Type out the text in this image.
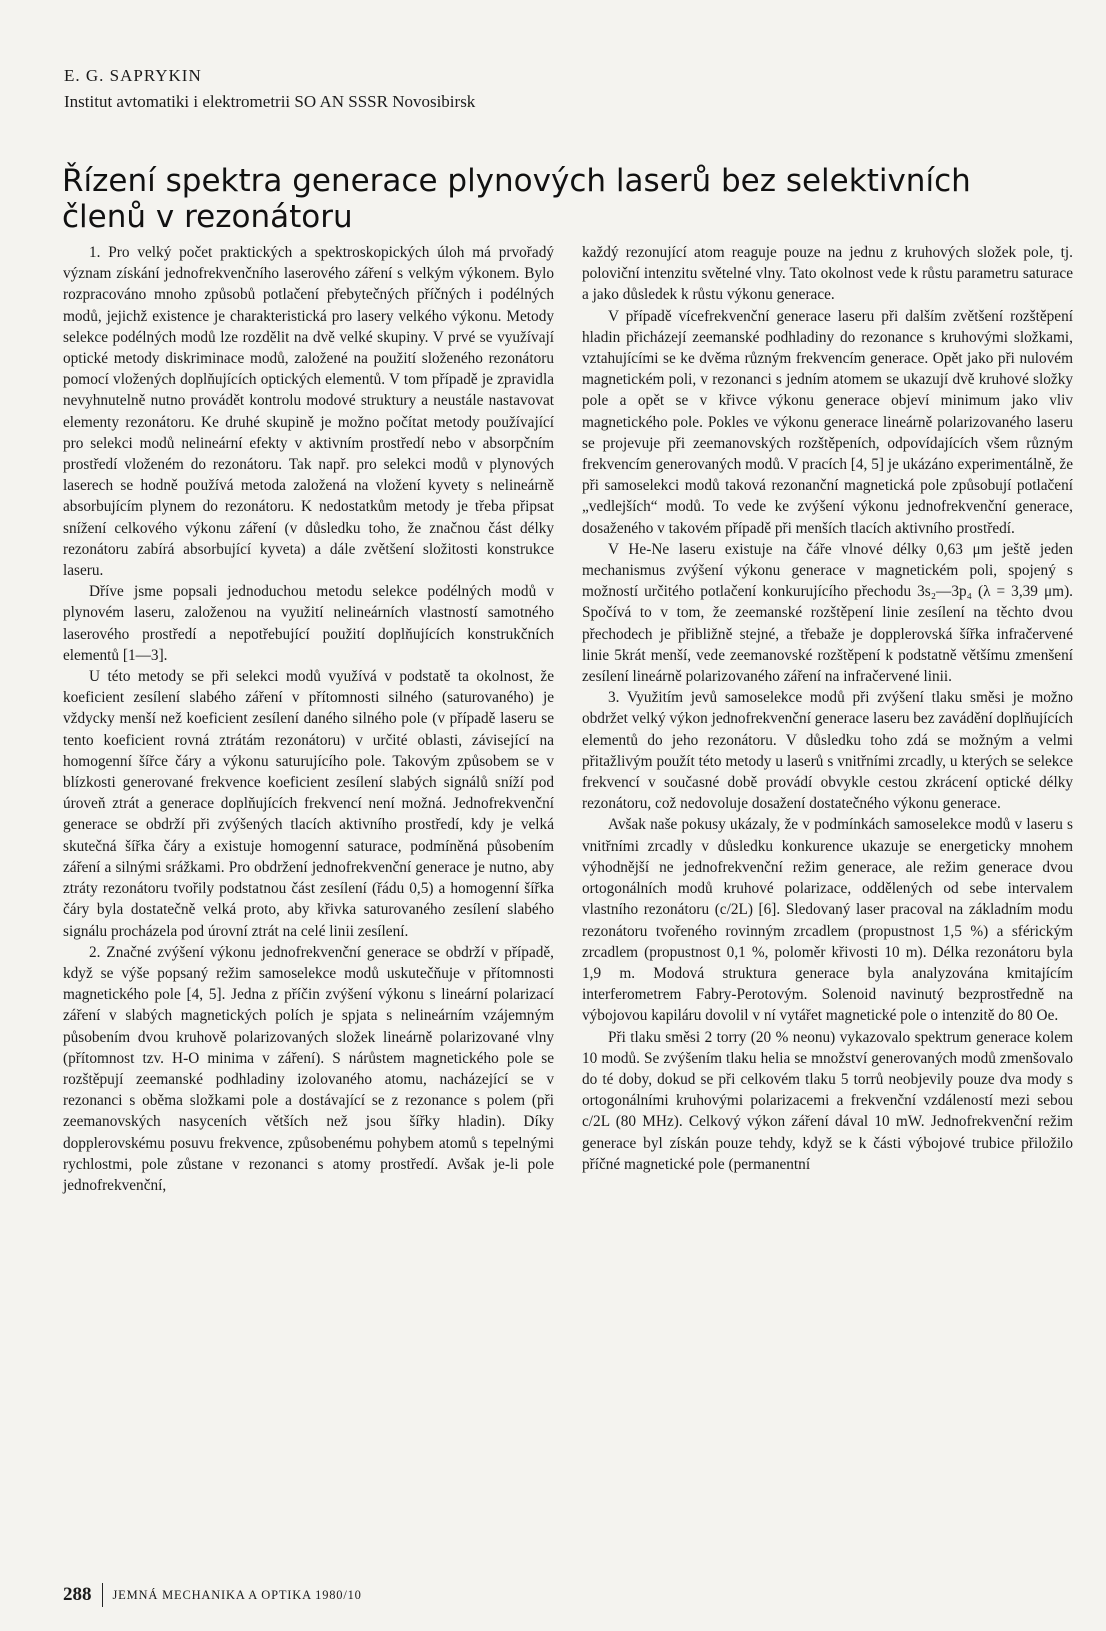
E. G. SAPRYKIN
Institut avtomatiki i elektrometrii SO AN SSSR Novosibirsk
Řízení spektra generace plynových laserů bez selektivních členů v rezonátoru

1. Pro velký počet praktických a spektroskopických úloh má prvořadý význam získání jednofrekvenčního laserového záření s velkým výkonem. Bylo rozpracováno mnoho způsobů potlačení přebytečných příčných i podélných modů, jejichž existence je charakteristická pro lasery velkého výkonu. Metody selekce podélných modů lze rozdělit na dvě velké skupiny. V prvé se využívají optické metody diskriminace modů, založené na použití složeného rezonátoru pomocí vložených doplňujících optických elementů. V tom případě je zpravidla nevyhnutelně nutno provádět kontrolu modové struktury a neustále nastavovat elementy rezonátoru. Ke druhé skupině je možno počítat metody používající pro selekci modů nelineární efekty v aktivním prostředí nebo v absorpčním prostředí vloženém do rezonátoru. Tak např. pro selekci modů v plynových laserech se hodně používá metoda založená na vložení kyvety s nelineárně absorbujícím plynem do rezonátoru. K nedostatkům metody je třeba připsat snížení celkového výkonu záření (v důsledku toho, že značnou část délky rezonátoru zabírá absorbující kyveta) a dále zvětšení složitosti konstrukce laseru.

Dříve jsme popsali jednoduchou metodu selekce podélných modů v plynovém laseru, založenou na využití nelineárních vlastností samotného laserového prostředí a nepotřebující použití doplňujících konstrukčních elementů [1—3].

U této metody se při selekci modů využívá v podstatě ta okolnost, že koeficient zesílení slabého záření v přítomnosti silného (saturovaného) je vždycky menší než koeficient zesílení daného silného pole (v případě laseru se tento koeficient rovná ztrátám rezonátoru) v určité oblasti, závisející na homogenní šířce čáry a výkonu saturujícího pole. Takovým způsobem se v blízkosti generované frekvence koeficient zesílení slabých signálů sníží pod úroveň ztrát a generace doplňujících frekvencí není možná. Jednofrekvenční generace se obdrží při zvýšených tlacích aktivního prostředí, kdy je velká skutečná šířka čáry a existuje homogenní saturace, podmíněná působením záření a silnými srážkami. Pro obdržení jednofrekvenční generace je nutno, aby ztráty rezonátoru tvořily podstatnou část zesílení (řádu 0,5) a homogenní šířka čáry byla dostatečně velká proto, aby křivka saturovaného zesílení slabého signálu procházela pod úrovní ztrát na celé linii zesílení.

2. Značné zvýšení výkonu jednofrekvenční generace se obdrží v případě, když se výše popsaný režim samoselekce modů uskutečňuje v přítomnosti magnetického pole [4, 5]. Jedna z příčin zvýšení výkonu s lineární polarizací záření v slabých magnetických polích je spjata s nelineárním vzájemným působením dvou kruhově polarizovaných složek lineárně polarizované vlny (přítomnost tzv. H-O minima v záření). S nárůstem magnetického pole se rozštěpují zeemanské podhladiny izolovaného atomu, nacházející se v rezonanci s oběma složkami pole a dostávající se z rezonance s polem (při zeemanovských nasyceních větších než jsou šířky hladin). Díky dopplerovskému posuvu frekvence, způsobenému pohybem atomů s tepelnými rychlostmi, pole zůstane v rezonanci s atomy prostředí. Avšak je-li pole jednofrekvenční,

každý rezonující atom reaguje pouze na jednu z kruhových složek pole, tj. poloviční intenzitu světelné vlny. Tato okolnost vede k růstu parametru saturace a jako důsledek k růstu výkonu generace.

V případě vícefrekvenční generace laseru při dalším zvětšení rozštěpení hladin přicházejí zeemanské podhladiny do rezonance s kruhovými složkami, vztahujícími se ke dvěma různým frekvencím generace. Opět jako při nulovém magnetickém poli, v rezonanci s jedním atomem se ukazují dvě kruhové složky pole a opět se v křivce výkonu generace objeví minimum jako vliv magnetického pole. Pokles ve výkonu generace lineárně polarizovaného laseru se projevuje při zeemanovských rozštěpeních, odpovídajících všem různým frekvencím generovaných modů. V pracích [4, 5] je ukázáno experimentálně, že při samoselekci modů taková rezonanční magnetická pole způsobují potlačení „vedlejších“ modů. To vede ke zvýšení výkonu jednofrekvenční generace, dosaženého v takovém případě při menších tlacích aktivního prostředí.

V He-Ne laseru existuje na čáře vlnové délky 0,63 μm ještě jeden mechanismus zvýšení výkonu generace v magnetickém poli, spojený s možností určitého potlačení konkurujícího přechodu 3s₂—3p₄ (λ = 3,39 μm). Spočívá to v tom, že zeemanské rozštěpení linie zesílení na těchto dvou přechodech je přibližně stejné, a třebaže je dopplerovská šířka infračervené linie 5krát menší, vede zeemanovské rozštěpení k podstatně většímu zmenšení zesílení lineárně polarizovaného záření na infračervené linii.

3. Využitím jevů samoselekce modů při zvýšení tlaku směsi je možno obdržet velký výkon jednofrekvenční generace laseru bez zavádění doplňujících elementů do jeho rezonátoru. V důsledku toho zdá se možným a velmi přitažlivým použít této metody u laserů s vnitřními zrcadly, u kterých se selekce frekvencí v současné době provádí obvykle cestou zkrácení optické délky rezonátoru, což nedovoluje dosažení dostatečného výkonu generace.

Avšak naše pokusy ukázaly, že v podmínkách samoselekce modů v laseru s vnitřními zrcadly v důsledku konkurence ukazuje se energeticky mnohem výhodnější ne jednofrekvenční režim generace, ale režim generace dvou ortogonálních modů kruhové polarizace, oddělených od sebe intervalem vlastního rezonátoru (c/2L) [6]. Sledovaný laser pracoval na základním modu rezonátoru tvořeného rovinným zrcadlem (propustnost 1,5 %) a sférickým zrcadlem (propustnost 0,1 %, poloměr křivosti 10 m). Délka rezonátoru byla 1,9 m. Modová struktura generace byla analyzována kmitajícím interferometrem Fabry-Perotovým. Solenoid navinutý bezprostředně na výbojovou kapiláru dovolil v ní vytářet magnetické pole o intenzitě do 80 Oe.

Při tlaku směsi 2 torry (20 % neonu) vykazovalo spektrum generace kolem 10 modů. Se zvýšením tlaku helia se množství generovaných modů zmenšovalo do té doby, dokud se při celkovém tlaku 5 torrů neobjevily pouze dva mody s ortogonálními kruhovými polarizacemi a frekvenční vzdáleností mezi sebou c/2L (80 MHz). Celkový výkon záření dával 10 mW. Jednofrekvenční režim generace byl získán pouze tehdy, když se k části výbojové trubice přiložilo příčné magnetické pole (permanentní

288 JEMNÁ MECHANIKA A OPTIKA 1980/10
